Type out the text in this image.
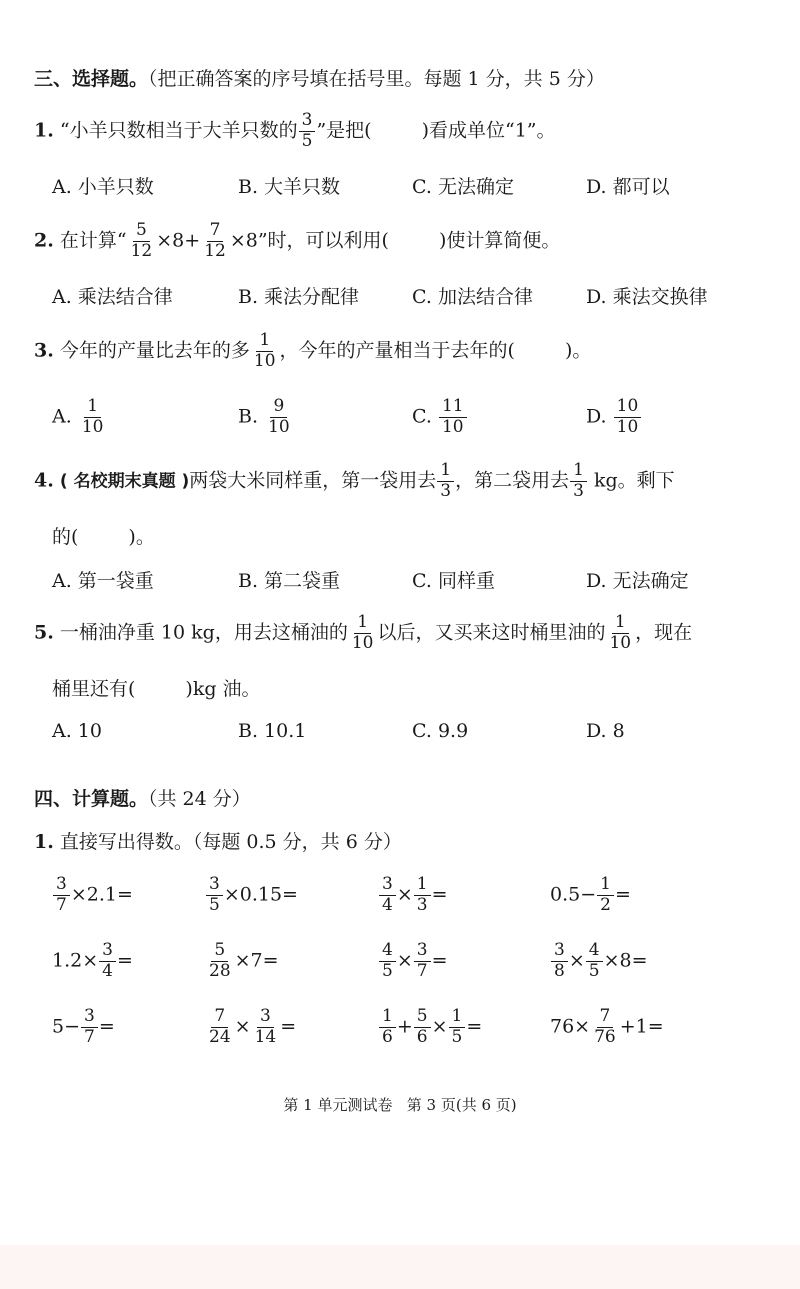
三、选择题。（把正确答案的序号填在括号里。每题 1 分，共 5 分）
1. “小羊只数相当于大羊只数的 $\frac{3}{5}$ ”是把(	)看成单位“1”。
A. 小羊只数	B. 大羊只数	C. 无法确定	D. 都可以
2. 在计算“ $\frac{5}{12} \times 8+ \frac{7}{12} \times 8$”时，可以利用(	)使计算简便。
A. 乘法结合律	B. 乘法分配律	C. 加法结合律	D. 乘法交换律
3. 今年的产量比去年的多 $\frac{1}{10}$ ，今年的产量相当于去年的(	)。
A. $\frac{1}{10}$	B. $\frac{9}{10}$	C. $\frac{11}{10}$	D. $\frac{10}{10}$
4. ( 名校期末真题 )两袋大米同样重，第一袋用去 $\frac{1}{3}$ ，第二袋用去 $\frac{1}{3}$ kg。剩下
的(	)。
A. 第一袋重	B. 第二袋重	C. 同样重	D. 无法确定
5. 一桶油净重 10 kg，用去这桶油的 $\frac{1}{10}$ 以后，又买来这时桶里油的 $\frac{1}{10}$ ，现在
桶里还有(	)kg 油。
A. 10	B. 10.1	C. 9.9	D. 8
四、计算题。（共 24 分）
1. 直接写出得数。（每题 0.5 分，共 6 分）
$\frac{3}{7} \times 2.1=$	$\frac{3}{5} \times 0.15=$	$\frac{3}{4} \times \frac{1}{3}$ =	$0.5- \frac{1}{2}$ =
$1.2\times \frac{3}{4}$ =	$\frac{5}{28} \times 7=$	$\frac{4}{5} \times \frac{3}{7}$ =	$\frac{3}{8} \times \frac{4}{5} \times 8=$
$5- \frac{3}{7}$ =	$\frac{7}{24} \times \frac{3}{14}$ =	$\frac{1}{6} + \frac{5}{6} \times \frac{1}{5}$ =	$76\times \frac{7}{76} +1=$
第 1 单元测试卷 第 3 页(共 6 页)
